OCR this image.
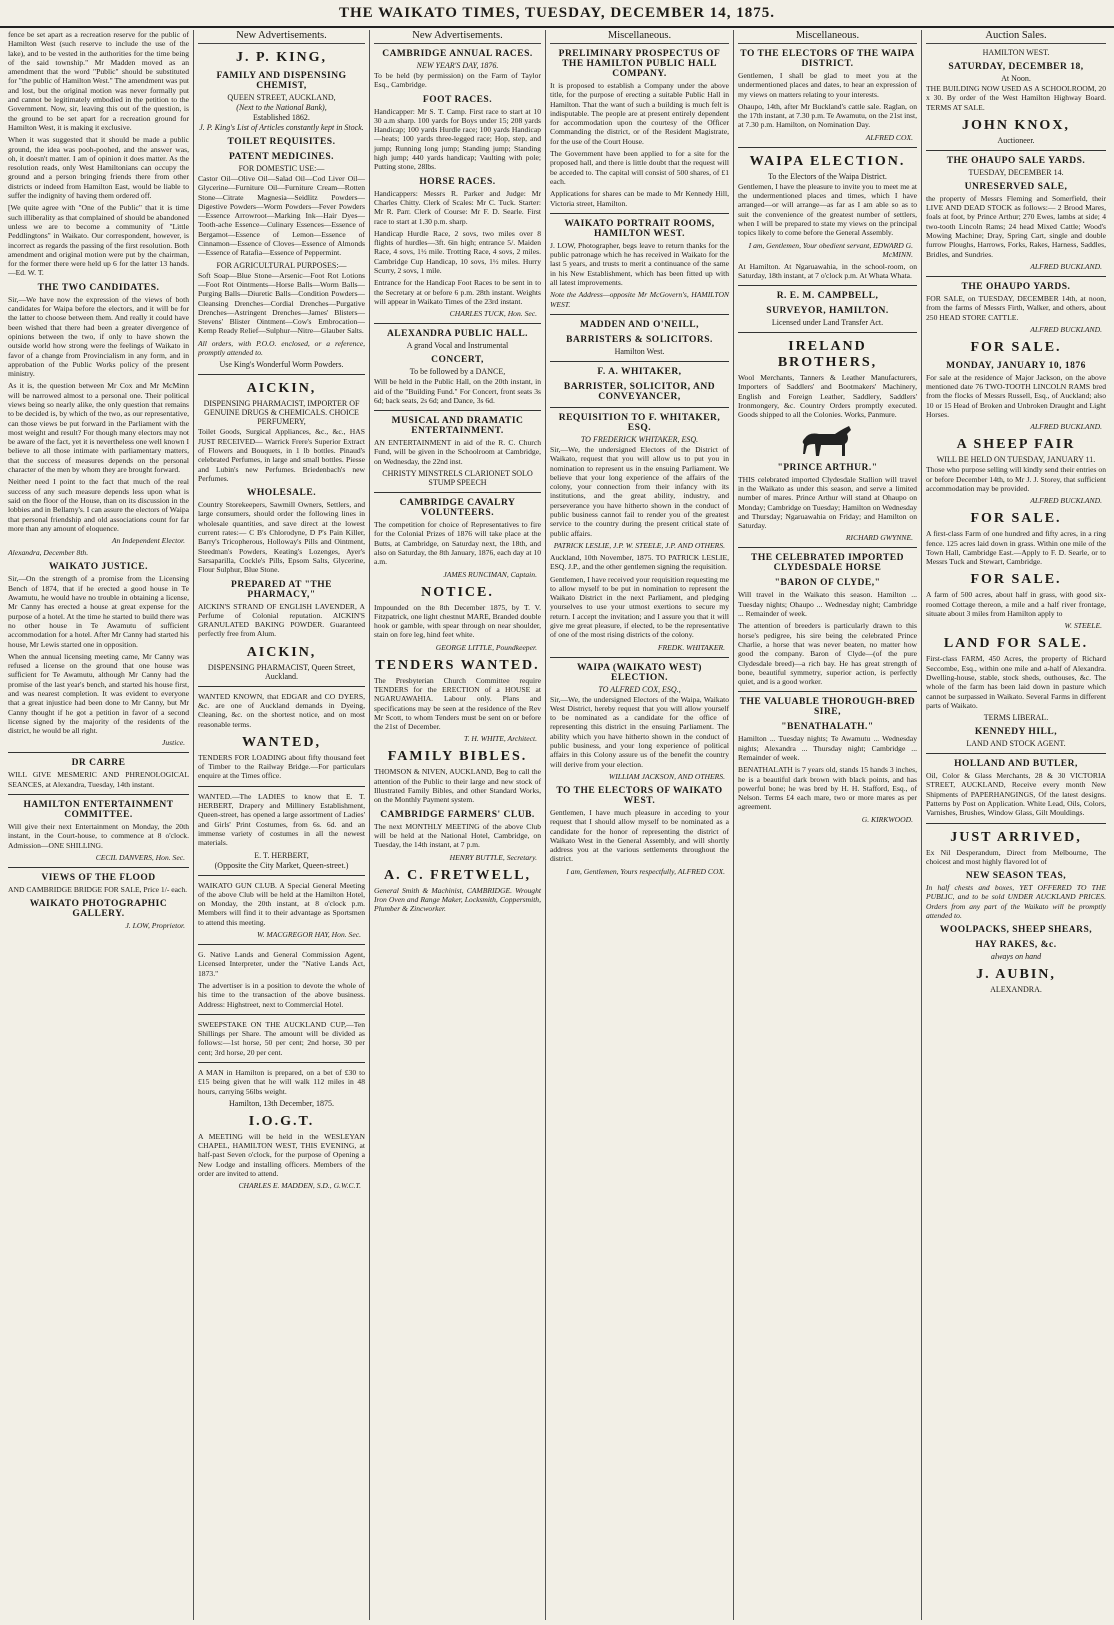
THE WAIKATO TIMES, TUESDAY, DECEMBER 14, 1875.

fence be set apart as a recreation reserve for the public of Hamilton West (such reserve to include the use of the lake), and to be vested in the authorities for the time being of the said township." Mr Madden moved as an amendment that the word "Public" should be substituted for "the public of Hamilton West." The amendment was put and lost, but the original motion was never formally put and cannot be legitimately embodied in the petition to the Government. Now, sir, leaving this out of the question, is the ground to be set apart for a recreation ground for Hamilton West, it is making it exclusive.

When it was suggested that it should be made a public ground, the idea was pooh-poohed, and the answer was, oh, it doesn't matter. I am of opinion it does matter. As the resolution reads, only West Hamiltonians can occupy the ground and a person bringing friends there from other districts or indeed from Hamilton East, would be liable to suffer the indignity of having them ordered off.

[We quite agree with "One of the Public" that it is time such illiberality as that complained of should be abandoned unless we are to become a community of "Little Peddlingtons" in Waikato. Our correspondent, however, is incorrect as regards the passing of the first resolution. Both amendment and original motion were put by the chairman, for the former there were held up 6 for the latter 13 hands.—Ed. W. T.

THE TWO CANDIDATES.

Sir,—We have now the expression of the views of both candidates for Waipa before the electors, and it will be for the latter to choose between them. And really it could have been wished that there had been a greater divergence of opinions between the two, if only to have shown the outside world how strong were the feelings of Waikato in favor of a change from Provincialism in any form, and in approbation of the Public Works policy of the present ministry.

As it is, the question between Mr Cox and Mr McMinn will be narrowed almost to a personal one. Their political views being so nearly alike, the only question that remains to be decided is, by which of the two, as our representative, can those views be put forward in the Parliament with the most weight and result? For though many electors may not be aware of the fact, yet it is nevertheless one well known I believe to all those intimate with parliamentary matters, that the success of measures depends on the personal character of the men by whom they are brought forward.

Neither need I point to the fact that much of the real success of any such measure depends less upon what is said on the floor of the House, than on its discussion in the lobbies and in Bellamy's. I can assure the electors of Waipa that personal friendship and old associations count for far more than any amount of eloquence.

An Independent Elector.

Alexandra, December 8th.

WAIKATO JUSTICE.

Sir,—On the strength of a promise from the Licensing Bench of 1874, that if he erected a good house in Te Awamutu, he would have no trouble in obtaining a license, Mr Canny has erected a house at great expense for the purpose of a hotel. At the time he started to build there was no other house in Te Awamutu of sufficient accommodation for a hotel. After Mr Canny had started his house, Mr Lewis started one in opposition.

When the annual licensing meeting came, Mr Canny was refused a license on the ground that one house was sufficient for Te Awamutu, although Mr Canny had the promise of the last year's bench, and started his house first, and was nearest completion. It was evident to everyone that a great injustice had been done to Mr Canny, but Mr Canny thought if he got a petition in favor of a second license signed by the majority of the residents of the district, he would be all right.

Justice.
DR CARRE

WILL GIVE MESMERIC AND PHRENOLOGICAL SEANCES, at Alexandra, Tuesday, 14th instant.

HAMILTON ENTERTAINMENT COMMITTEE.

Will give their next Entertainment on Monday, the 20th instant, in the Court-house, to commence at 8 o'clock. Admission—ONE SHILLING.

CECIL DANVERS, Hon. Sec.
VIEWS OF THE FLOOD

AND CAMBRIDGE BRIDGE FOR SALE, Price 1/- each.

WAIKATO PHOTOGRAPHIC GALLERY.
J. LOW, Proprietor.
New Advertisements.
J. P. KING,
FAMILY AND DISPENSING CHEMIST,
QUEEN STREET, AUCKLAND,
(Next to the National Bank),
Established 1862.
J. P. King's List of Articles constantly kept in Stock.
TOILET REQUISITES.
PATENT MEDICINES.
FOR DOMESTIC USE:—

Castor Oil—Olive Oil—Salad Oil—Cod Liver Oil—Glycerine—Furniture Oil—Furniture Cream—Rotten Stone—Citrate Magnesia—Seidlitz Powders—Digestive Powders—Worm Powders—Fever Powders—Essence Arrowroot—Marking Ink—Hair Dyes—Tooth-ache Essence—Culinary Essences—Essence of Bergamot—Essence of Lemon—Essence of Cinnamon—Essence of Cloves—Essence of Almonds—Essence of Ratafia—Essence of Peppermint.

FOR AGRICULTURAL PURPOSES:—

Soft Soap—Blue Stone—Arsenic—Foot Rot Lotions—Foot Rot Ointments—Horse Balls—Worm Balls—Purging Balls—Diuretic Balls—Condition Powders—Cleansing Drenches—Cordial Drenches—Purgative Drenches—Astringent Drenches—James' Blisters—Stevens' Blister Ointment—Cow's Embrocation—Kemp Ready Relief—Sulphur—Nitre—Glauber Salts.

All orders, with P.O.O. enclosed, or a reference, promptly attended to.

Use King's Wonderful Worm Powders.
AICKIN,
DISPENSING PHARMACIST, IMPORTER OF GENUINE DRUGS & CHEMICALS. CHOICE PERFUMERY,

Toilet Goods, Surgical Appliances, &c., &c., HAS JUST RECEIVED— Warrick Frere's Superior Extract of Flowers and Bouquets, in 1 lb bottles. Pinaud's celebrated Perfumes, in large and small bottles. Piesse and Lubin's new Perfumes. Briedenbach's new Perfumes.

WHOLESALE.

Country Storekeepers, Sawmill Owners, Settlers, and large consumers, should order the following lines in wholesale quantities, and save direct at the lowest current rates:— C B's Chlorodyne, D P's Pain Killer, Barry's Tricopherous, Holloway's Pills and Ointment, Steedman's Powders, Keating's Lozenges, Ayer's Sarsaparilla, Cockle's Pills, Epsom Salts, Glycerine, Flour Sulphur, Blue Stone.

PREPARED AT "THE PHARMACY,"

AICKIN'S STRAND OF ENGLISH LAVENDER, A Perfume of Colonial reputation. AICKIN'S GRANULATED BAKING POWDER. Guaranteed perfectly free from Alum.

AICKIN,
DISPENSING PHARMACIST, Queen Street, Auckland.

WANTED KNOWN, that EDGAR and CO DYERS, &c. are one of Auckland demands in Dyeing, Cleaning, &c. on the shortest notice, and on most reasonable terms.

WANTED,

TENDERS FOR LOADING about fifty thousand feet of Timber to the Railway Bridge.—For particulars enquire at the Times office.

WANTED.—The LADIES to know that E. T. HERBERT, Drapery and Millinery Establishment, Queen-street, has opened a large assortment of Ladies' and Girls' Print Costumes, from 6s. 6d. and an immense variety of costumes in all the newest materials.

E. T. HERBERT,
(Opposite the City Market, Queen-street.)

WAIKATO GUN CLUB. A Special General Meeting of the above Club will be held at the Hamilton Hotel, on Monday, the 20th instant, at 8 o'clock p.m. Members will find it to their advantage as Sportsmen to attend this meeting.

W. MACGREGOR HAY, Hon. Sec.

G. Native Lands and General Commission Agent, Licensed Interpreter, under the "Native Lands Act, 1873."

The advertiser is in a position to devote the whole of his time to the transaction of the above business. Address: Highstreet, next to Commercial Hotel.

SWEEPSTAKE ON THE AUCKLAND CUP,—Ten Shillings per Share. The amount will be divided as follows:—1st horse, 50 per cent; 2nd horse, 30 per cent; 3rd horse, 20 per cent.

A MAN in Hamilton is prepared, on a bet of £30 to £15 being given that he will walk 112 miles in 48 hours, carrying 56lbs weight.

Hamilton, 13th December, 1875.
I.O.G.T.

A MEETING will be held in the WESLEYAN CHAPEL, HAMILTON WEST, THIS EVENING, at half-past Seven o'clock, for the purpose of Opening a New Lodge and installing officers. Members of the order are invited to attend.

CHARLES E. MADDEN, S.D., G.W.C.T.
New Advertisements.
CAMBRIDGE ANNUAL RACES.
NEW YEAR'S DAY, 1876.

To be held (by permission) on the Farm of Taylor Esq., Cambridge.

FOOT RACES.

Handicapper: Mr S. T. Camp. First race to start at 10 30 a.m sharp. 100 yards for Boys under 15; 208 yards Handicap; 100 yards Hurdle race; 100 yards Handicap—heats; 100 yards three-legged race; Hop, step, and jump; Running long jump; Standing jump; Standing high jump; 440 yards handicap; Vaulting with pole; Putting stone, 28lbs.

HORSE RACES.

Handicappers: Messrs R. Parker and Judge: Mr Charles Chitty. Clerk of Scales: Mr C. Tuck. Starter: Mr R. Parr. Clerk of Course: Mr F. D. Searle. First race to start at 1.30 p.m. sharp.

Handicap Hurdle Race, 2 sovs, two miles over 8 flights of hurdles—3ft. 6in high; entrance 5/. Maiden Race, 4 sovs, 1½ mile. Trotting Race, 4 sovs, 2 miles. Cambridge Cup Handicap, 10 sovs, 1½ miles. Hurry Scurry, 2 sovs, 1 mile.

Entrance for the Handicap Foot Races to be sent in to the Secretary at or before 6 p.m. 28th instant. Weights will appear in Waikato Times of the 23rd instant.

CHARLES TUCK, Hon. Sec.
ALEXANDRA PUBLIC HALL.
A grand Vocal and Instrumental
CONCERT,
To be followed by a DANCE,

Will be held in the Public Hall, on the 20th instant, in aid of the "Building Fund." For Concert, front seats 3s 6d; back seats, 2s 6d; and Dance, 3s 6d.

MUSICAL AND DRAMATIC ENTERTAINMENT.

AN ENTERTAINMENT in aid of the R. C. Church Fund, will be given in the Schoolroom at Cambridge, on Wednesday, the 22nd inst.

CHRISTY MINSTRELS CLARIONET SOLO STUMP SPEECH
CAMBRIDGE CAVALRY VOLUNTEERS.

The competition for choice of Representatives to fire for the Colonial Prizes of 1876 will take place at the Butts, at Cambridge, on Saturday next, the 18th, and also on Saturday, the 8th January, 1876, each day at 10 a.m.

JAMES RUNCIMAN, Captain.
NOTICE.

Impounded on the 8th December 1875, by T. V. Fitzpatrick, one light chestnut MARE, Branded double hook or gamble, with spear through on near shoulder, stain on fore leg, hind feet white.

GEORGE LITTLE, Poundkeeper.
TENDERS WANTED.

The Presbyterian Church Committee require TENDERS for the ERECTION of a HOUSE at NGARUAWAHIA. Labour only. Plans and specifications may be seen at the residence of the Rev Mr Scott, to whom Tenders must be sent on or before the 21st of December.

T. H. WHITE, Architect.
FAMILY BIBLES.

THOMSON & NIVEN, AUCKLAND, Beg to call the attention of the Public to their large and new stock of Illustrated Family Bibles, and other Standard Works, on the Monthly Payment system.

CAMBRIDGE FARMERS' CLUB.

The next MONTHLY MEETING of the above Club will be held at the National Hotel, Cambridge, on Tuesday, the 14th instant, at 7 p.m.

HENRY BUTTLE, Secretary.
A. C. FRETWELL,

General Smith & Machinist, CAMBRIDGE. Wrought Iron Oven and Range Maker, Locksmith, Coppersmith, Plumber & Zincworker.

Miscellaneous.
PRELIMINARY PROSPECTUS OF THE HAMILTON PUBLIC HALL COMPANY.

It is proposed to establish a Company under the above title, for the purpose of erecting a suitable Public Hall in Hamilton. That the want of such a building is much felt is indisputable. The people are at present entirely dependent for accommodation upon the courtesy of the Officer Commanding the district, or of the Resident Magistrate, for the use of the Court House.

The Government have been applied to for a site for the proposed hall, and there is little doubt that the request will be acceded to. The capital will consist of 500 shares, of £1 each.

Applications for shares can be made to Mr Kennedy Hill, Victoria street, Hamilton.

WAIKATO PORTRAIT ROOMS, HAMILTON WEST.

J. LOW, Photographer, begs leave to return thanks for the public patronage which he has received in Waikato for the last 5 years, and trusts to merit a continuance of the same in his New Establishment, which has been fitted up with all latest improvements.

Note the Address—opposite Mr McGovern's, HAMILTON WEST.

MADDEN AND O'NEILL,
BARRISTERS & SOLICITORS.
Hamilton West.
F. A. WHITAKER,
BARRISTER, SOLICITOR, AND CONVEYANCER,
REQUISITION TO F. WHITAKER, ESQ.
TO FREDERICK WHITAKER, ESQ.

Sir,—We, the undersigned Electors of the District of Waikato, request that you will allow us to put you in nomination to represent us in the ensuing Parliament. We believe that your long experience of the affairs of the colony, your connection from their infancy with its institutions, and the great ability, industry, and perseverance you have hitherto shown in the conduct of public business cannot fail to render you of the greatest service to the country during the present critical state of public affairs.

PATRICK LESLIE, J.P. W. STEELE, J.P. AND OTHERS.

Auckland, 10th November, 1875. TO PATRICK LESLIE, ESQ. J.P., and the other gentlemen signing the requisition.

Gentlemen, I have received your requisition requesting me to allow myself to be put in nomination to represent the Waikato District in the next Parliament, and pledging yourselves to use your utmost exertions to secure my return. I accept the invitation; and I assure you that it will give me great pleasure, if elected, to be the representative of one of the most rising districts of the colony.

FREDK. WHITAKER.
WAIPA (WAIKATO WEST) ELECTION.
TO ALFRED COX, ESQ.,

Sir,—We, the undersigned Electors of the Waipa, Waikato West District, hereby request that you will allow yourself to be nominated as a candidate for the office of representing this district in the ensuing Parliament. The ability which you have hitherto shown in the conduct of public business, and your long experience of political affairs in this Colony assure us of the benefit the country will derive from your election.

WILLIAM JACKSON, AND OTHERS.
TO THE ELECTORS OF WAIKATO WEST.

Gentlemen, I have much pleasure in acceding to your request that I should allow myself to be nominated as a candidate for the honor of representing the district of Waikato West in the General Assembly, and will shortly address you at the various settlements throughout the district.

I am, Gentlemen, Yours respectfully, ALFRED COX.
Miscellaneous.
TO THE ELECTORS OF THE WAIPA DISTRICT.

Gentlemen, I shall be glad to meet you at the undermentioned places and dates, to hear an expression of my views on matters relating to your interests.

Ohaupo, 14th, after Mr Buckland's cattle sale. Raglan, on the 17th instant, at 7.30 p.m. Te Awamutu, on the 21st inst, at 7.30 p.m. Hamilton, on Nomination Day.

ALFRED COX.
WAIPA ELECTION.
To the Electors of the Waipa District.

Gentlemen, I have the pleasure to invite you to meet me at the undermentioned places and times, which I have arranged—or will arrange—as far as I am able so as to suit the convenience of the greatest number of settlers, when I will be prepared to state my views on the principal topics likely to come before the General Assembly.

I am, Gentlemen, Your obedient servant, EDWARD G. McMINN.

At Hamilton. At Ngaruawahia, in the school-room, on Saturday, 18th instant, at 7 o'clock p.m. At Whata Whata.

R. E. M. CAMPBELL,
SURVEYOR, HAMILTON.
Licensed under Land Transfer Act.
IRELAND BROTHERS,

Wool Merchants, Tanners & Leather Manufacturers, Importers of Saddlers' and Bootmakers' Machinery, English and Foreign Leather, Saddlery, Saddlers' Ironmongery, &c. Country Orders promptly executed. Goods shipped to all the Colonies. Works, Panmure.

"PRINCE ARTHUR."

THIS celebrated imported Clydesdale Stallion will travel in the Waikato as under this season, and serve a limited number of mares. Prince Arthur will stand at Ohaupo on Monday; Cambridge on Tuesday; Hamilton on Wednesday and Thursday; Ngaruawahia on Friday; and Hamilton on Saturday.

RICHARD GWYNNE.
THE CELEBRATED IMPORTED CLYDESDALE HORSE
"BARON OF CLYDE,"

Will travel in the Waikato this season. Hamilton ... Tuesday nights; Ohaupo ... Wednesday night; Cambridge ... Remainder of week.

The attention of breeders is particularly drawn to this horse's pedigree, his sire being the celebrated Prince Charlie, a horse that was never beaten, no matter how good the company. Baron of Clyde—(of the pure Clydesdale breed)—a rich bay. He has great strength of bone, beautiful symmetry, superior action, is perfectly quiet, and is a good worker.

THE VALUABLE THOROUGH-BRED SIRE,
"BENATHALATH."

Hamilton ... Tuesday nights; Te Awamutu ... Wednesday nights; Alexandra ... Thursday night; Cambridge ... Remainder of week.

BENATHALATH is 7 years old, stands 15 hands 3 inches, he is a beautiful dark brown with black points, and has powerful bone; he was bred by H. H. Stafford, Esq., of Nelson. Terms £4 each mare, two or more mares as per agreement.

G. KIRKWOOD.
Auction Sales.
HAMILTON WEST.
SATURDAY, DECEMBER 18,
At Noon.

THE BUILDING NOW USED AS A SCHOOLROOM, 20 x 30. By order of the West Hamilton Highway Board. TERMS AT SALE.

JOHN KNOX,
Auctioneer.
THE OHAUPO SALE YARDS.
TUESDAY, DECEMBER 14.
UNRESERVED SALE,

the property of Messrs Fleming and Somerfield, their LIVE AND DEAD STOCK as follows:— 2 Brood Mares, foals at foot, by Prince Arthur; 270 Ewes, lambs at side; 4 two-tooth Lincoln Rams; 24 head Mixed Cattle; Wood's Mowing Machine; Dray, Spring Cart, single and double furrow Ploughs, Harrows, Forks, Rakes, Harness, Saddles, Bridles, and Sundries.

ALFRED BUCKLAND.
THE OHAUPO YARDS.

FOR SALE, on TUESDAY, DECEMBER 14th, at noon, from the farms of Messrs Firth, Walker, and others, about 250 HEAD STORE CATTLE.

ALFRED BUCKLAND.
FOR SALE.
MONDAY, JANUARY 10, 1876

For sale at the residence of Major Jackson, on the above mentioned date 76 TWO-TOOTH LINCOLN RAMS bred from the flocks of Messrs Russell, Esq., of Auckland; also 10 or 15 Head of Broken and Unbroken Draught and Light Horses.

ALFRED BUCKLAND.
A SHEEP FAIR
WILL BE HELD ON TUESDAY, JANUARY 11.

Those who purpose selling will kindly send their entries on or before December 14th, to Mr J. J. Storey, that sufficient accommodation may be provided.

ALFRED BUCKLAND.
FOR SALE.

A first-class Farm of one hundred and fifty acres, in a ring fence. 125 acres laid down in grass. Within one mile of the Town Hall, Cambridge East.—Apply to F. D. Searle, or to Messrs Tuck and Stewart, Cambridge.

FOR SALE.

A farm of 500 acres, about half in grass, with good six-roomed Cottage thereon, a mile and a half river frontage, situate about 3 miles from Hamilton apply to

W. STEELE.
LAND FOR SALE.

First-class FARM, 450 Acres, the property of Richard Seccombe, Esq., within one mile and a-half of Alexandra. Dwelling-house, stable, stock sheds, outhouses, &c. The whole of the farm has been laid down in pasture which cannot be surpassed in Waikato. Several Farms in different parts of Waikato.

TERMS LIBERAL.
KENNEDY HILL,
LAND AND STOCK AGENT.
HOLLAND AND BUTLER,

Oil, Color & Glass Merchants, 28 & 30 VICTORIA STREET, AUCKLAND, Receive every month New Shipments of PAPERHANGINGS, Of the latest designs. Patterns by Post on Application. White Lead, Oils, Colors, Varnishes, Brushes, Window Glass, Gilt Mouldings.

JUST ARRIVED,

Ex Nil Desperandum, Direct from Melbourne, The choicest and most highly flavored lot of

NEW SEASON TEAS,

In half chests and boxes, YET OFFERED TO THE PUBLIC, and to be sold UNDER AUCKLAND PRICES. Orders from any part of the Waikato will be promptly attended to.

WOOLPACKS, SHEEP SHEARS,
HAY RAKES, &c.
always on hand
J. AUBIN,
ALEXANDRA.
